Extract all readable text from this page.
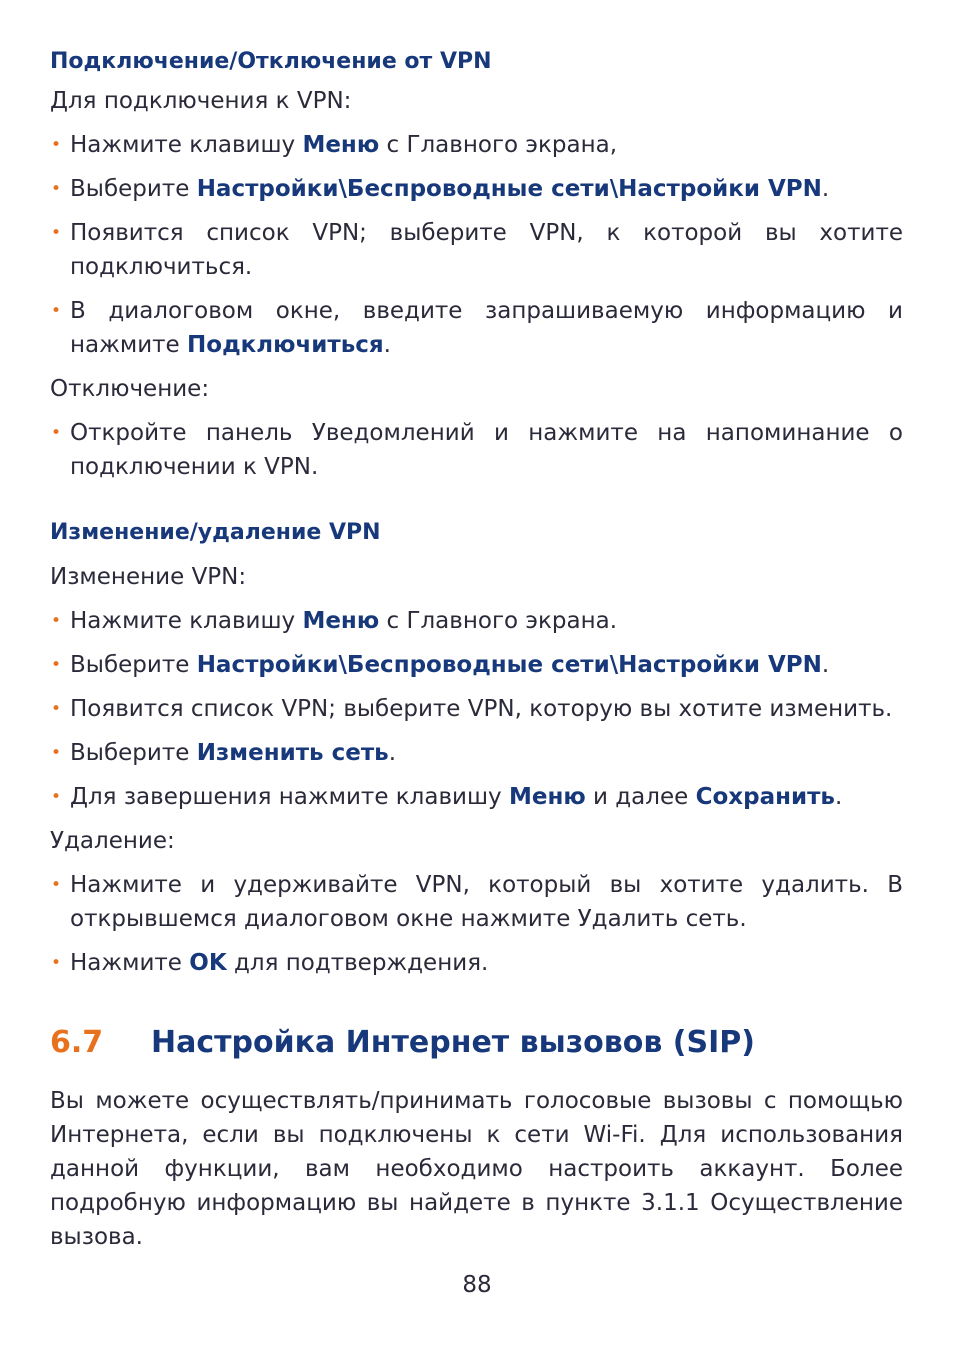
Подключение/Отключение от VPN

Для подключения к VPN:

• Нажмите клавишу Меню с Главного экрана,
• Выберите Настройки\Беспроводные сети\Настройки VPN.
• Появится список VPN; выберите VPN, к которой вы хотите подключиться.
• В диалоговом окне, введите запрашиваемую информацию и нажмите Подключиться.

Отключение:

• Откройте панель Уведомлений и нажмите на напоминание о подключении к VPN.
Изменение/удаление VPN

Изменение VPN:

• Нажмите клавишу Меню с Главного экрана.
• Выберите Настройки\Беспроводные сети\Настройки VPN.
• Появится список VPN; выберите VPN, которую вы хотите изменить.
• Выберите Изменить сеть.
• Для завершения нажмите клавишу Меню и далее Сохранить.

Удаление:

• Нажмите и удерживайте VPN, который вы хотите удалить. В открывшемся диалоговом окне нажмите Удалить сеть.
• Нажмите OK для подтверждения.
6.7 Настройка Интернет вызовов (SIP)

Вы можете осуществлять/принимать голосовые вызовы с помощью Интернета, если вы подключены к сети Wi-Fi. Для использования данной функции, вам необходимо настроить аккаунт. Более подробную информацию вы найдете в пункте 3.1.1 Осуществление вызова.

88
